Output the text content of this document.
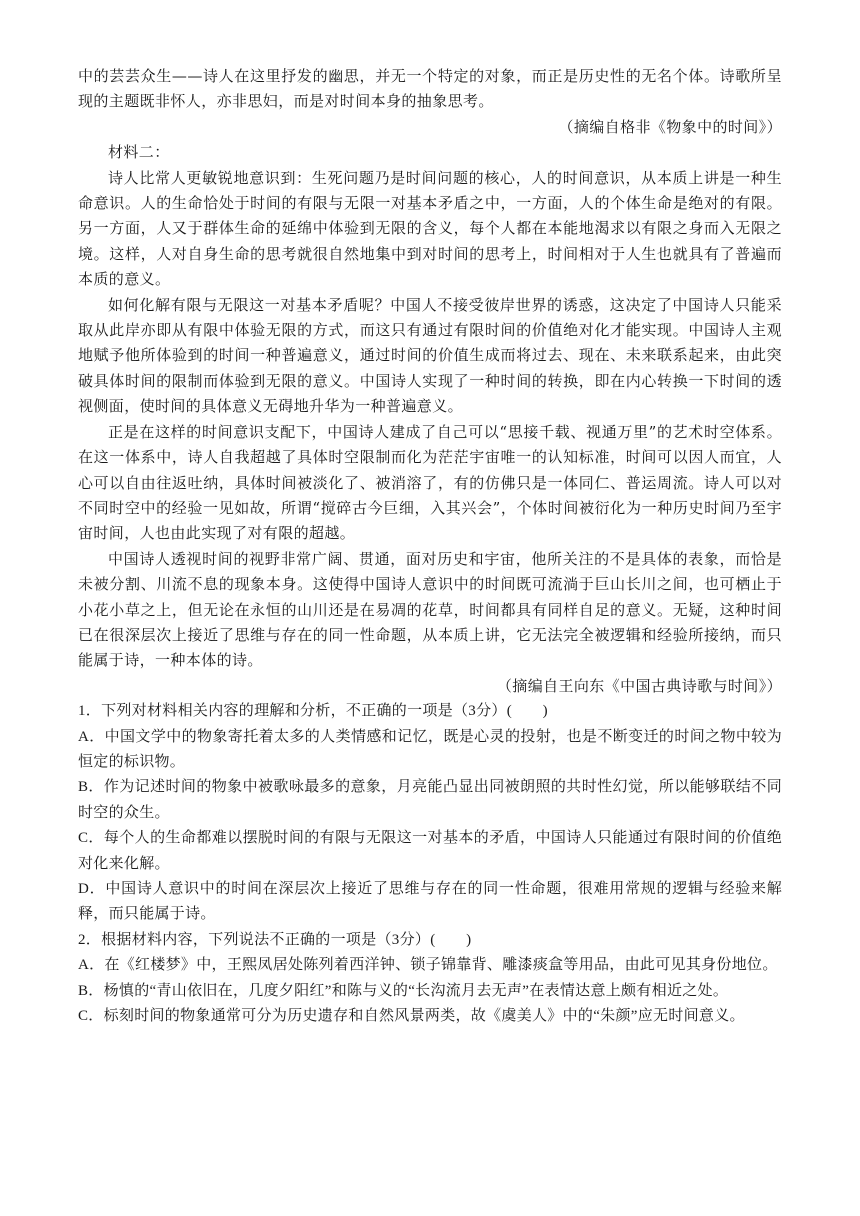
中的芸芸众生——诗人在这里抒发的幽思，并无一个特定的对象，而正是历史性的无名个体。诗歌所呈现的主题既非怀人，亦非思妇，而是对时间本身的抽象思考。

（摘编自格非《物象中的时间》）

材料二：

诗人比常人更敏锐地意识到：生死问题乃是时间问题的核心，人的时间意识，从本质上讲是一种生命意识。人的生命恰处于时间的有限与无限一对基本矛盾之中，一方面，人的个体生命是绝对的有限。另一方面，人又于群体生命的延绵中体验到无限的含义，每个人都在本能地渴求以有限之身而入无限之境。这样，人对自身生命的思考就很自然地集中到对时间的思考上，时间相对于人生也就具有了普遍而本质的意义。

如何化解有限与无限这一对基本矛盾呢？中国人不接受彼岸世界的诱惑，这决定了中国诗人只能采取从此岸亦即从有限中体验无限的方式，而这只有通过有限时间的价值绝对化才能实现。中国诗人主观地赋予他所体验到的时间一种普遍意义，通过时间的价值生成而将过去、现在、未来联系起来，由此突破具体时间的限制而体验到无限的意义。中国诗人实现了一种时间的转换，即在内心转换一下时间的透视侧面，使时间的具体意义无碍地升华为一种普遍意义。

正是在这样的时间意识支配下，中国诗人建成了自己可以“思接千载、视通万里”的艺术时空体系。在这一体系中，诗人自我超越了具体时空限制而化为茫茫宇宙唯一的认知标准，时间可以因人而宜，人心可以自由往返吐纳，具体时间被淡化了、被消溶了，有的仿佛只是一体同仁、普运周流。诗人可以对不同时空中的经验一见如故，所谓“搅碎古今巨细，入其兴会”，个体时间被衍化为一种历史时间乃至宇宙时间，人也由此实现了对有限的超越。

中国诗人透视时间的视野非常广阔、贯通，面对历史和宇宙，他所关注的不是具体的表象，而恰是未被分割、川流不息的现象本身。这使得中国诗人意识中的时间既可流淌于巨山长川之间，也可栖止于小花小草之上，但无论在永恒的山川还是在易凋的花草，时间都具有同样自足的意义。无疑，这种时间已在很深层次上接近了思维与存在的同一性命题，从本质上讲，它无法完全被逻辑和经验所接纳，而只能属于诗，一种本体的诗。

（摘编自王向东《中国古典诗歌与时间》）

1．下列对材料相关内容的理解和分析，不正确的一项是（3分）(　　)

A．中国文学中的物象寄托着太多的人类情感和记忆，既是心灵的投射，也是不断变迁的时间之物中较为恒定的标识物。

B．作为记述时间的物象中被歌咏最多的意象，月亮能凸显出同被朗照的共时性幻觉，所以能够联结不同时空的众生。

C．每个人的生命都难以摆脱时间的有限与无限这一对基本的矛盾，中国诗人只能通过有限时间的价值绝对化来化解。

D．中国诗人意识中的时间在深层次上接近了思维与存在的同一性命题，很难用常规的逻辑与经验来解释，而只能属于诗。

2．根据材料内容，下列说法不正确的一项是（3分）(　　)

A．在《红楼梦》中，王熙凤居处陈列着西洋钟、锁子锦靠背、雕漆痰盒等用品，由此可见其身份地位。

B．杨慎的“青山依旧在，几度夕阳红”和陈与义的“长沟流月去无声”在表情达意上颇有相近之处。

C．标刻时间的物象通常可分为历史遗存和自然风景两类，故《虞美人》中的“朱颜”应无时间意义。
